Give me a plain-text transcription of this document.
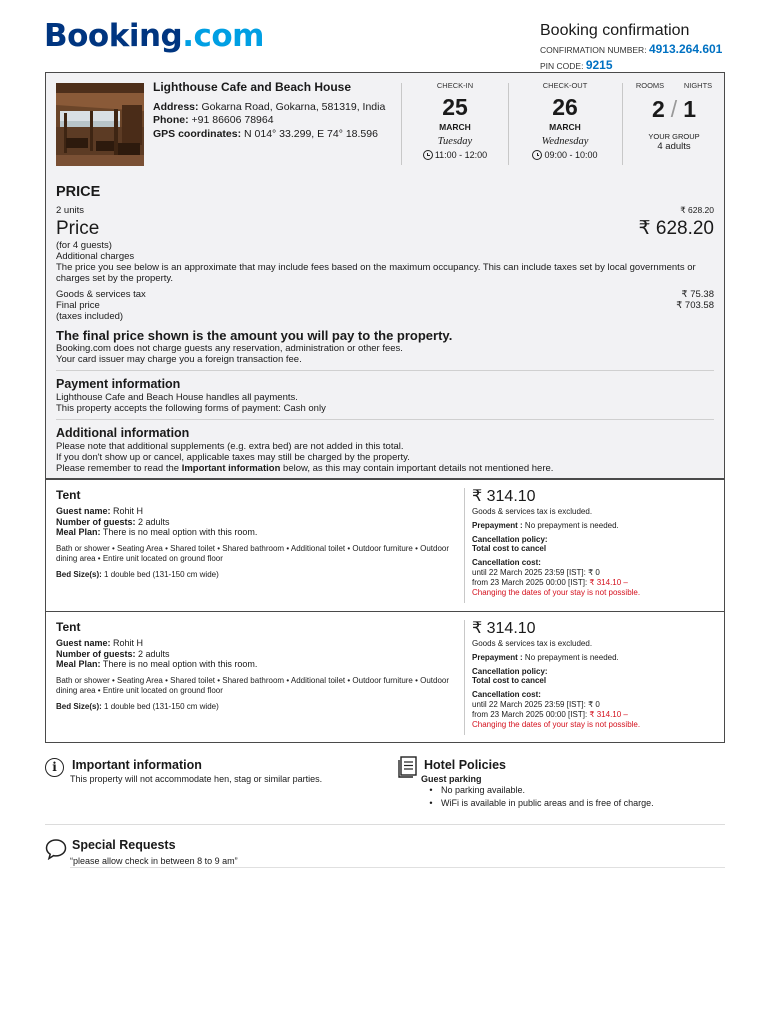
Booking.com	Booking confirmation
CONFIRMATION NUMBER: 4913.264.601
PIN CODE: 9215
Lighthouse Cafe and Beach House
Address: Gokarna Road, Gokarna, 581319, India
Phone: +91 86606 78964
GPS coordinates: N 014° 33.299, E 74° 18.596
CHECK-IN
25
MARCH
Tuesday
11:00 - 12:00
CHECK-OUT
26
MARCH
Wednesday
09:00 - 10:00
ROOMS	NIGHTS
2 / 1
YOUR GROUP
4 adults
PRICE
2 units	₹ 628.20
Price	₹ 628.20
(for 4 guests)
Additional charges
The price you see below is an approximate that may include fees based on the maximum occupancy. This can include taxes set by local governments or charges set by the property.
Goods & services tax	₹ 75.38
Final price	₹ 703.58
(taxes included)
The final price shown is the amount you will pay to the property.
Booking.com does not charge guests any reservation, administration or other fees.
Your card issuer may charge you a foreign transaction fee.
Payment information
Lighthouse Cafe and Beach House handles all payments.
This property accepts the following forms of payment: Cash only
Additional information
Please note that additional supplements (e.g. extra bed) are not added in this total.
If you don't show up or cancel, applicable taxes may still be charged by the property.
Please remember to read the Important information below, as this may contain important details not mentioned here.
Tent
Guest name: Rohit H
Number of guests: 2 adults
Meal Plan: There is no meal option with this room.
Bath or shower • Seating Area • Shared toilet • Shared bathroom • Additional toilet • Outdoor furniture • Outdoor dining area • Entire unit located on ground floor
Bed Size(s): 1 double bed (131-150 cm wide)
₹ 314.10
Goods & services tax is excluded.
Prepayment : No prepayment is needed.
Cancellation policy:
Total cost to cancel
Cancellation cost:
until 22 March 2025 23:59 [IST]: ₹ 0
from 23 March 2025 00:00 [IST]: ₹ 314.10 –
Changing the dates of your stay is not possible.
Tent
Guest name: Rohit H
Number of guests: 2 adults
Meal Plan: There is no meal option with this room.
Bath or shower • Seating Area • Shared toilet • Shared bathroom • Additional toilet • Outdoor furniture • Outdoor dining area • Entire unit located on ground floor
Bed Size(s): 1 double bed (131-150 cm wide)
₹ 314.10
Goods & services tax is excluded.
Prepayment : No prepayment is needed.
Cancellation policy:
Total cost to cancel
Cancellation cost:
until 22 March 2025 23:59 [IST]: ₹ 0
from 23 March 2025 00:00 [IST]: ₹ 314.10 –
Changing the dates of your stay is not possible.
i	Important information
This property will not accommodate hen, stag or similar parties.
Hotel Policies
Guest parking
• No parking available.
• WiFi is available in public areas and is free of charge.
Special Requests
“please allow check in between 8 to 9 am”
